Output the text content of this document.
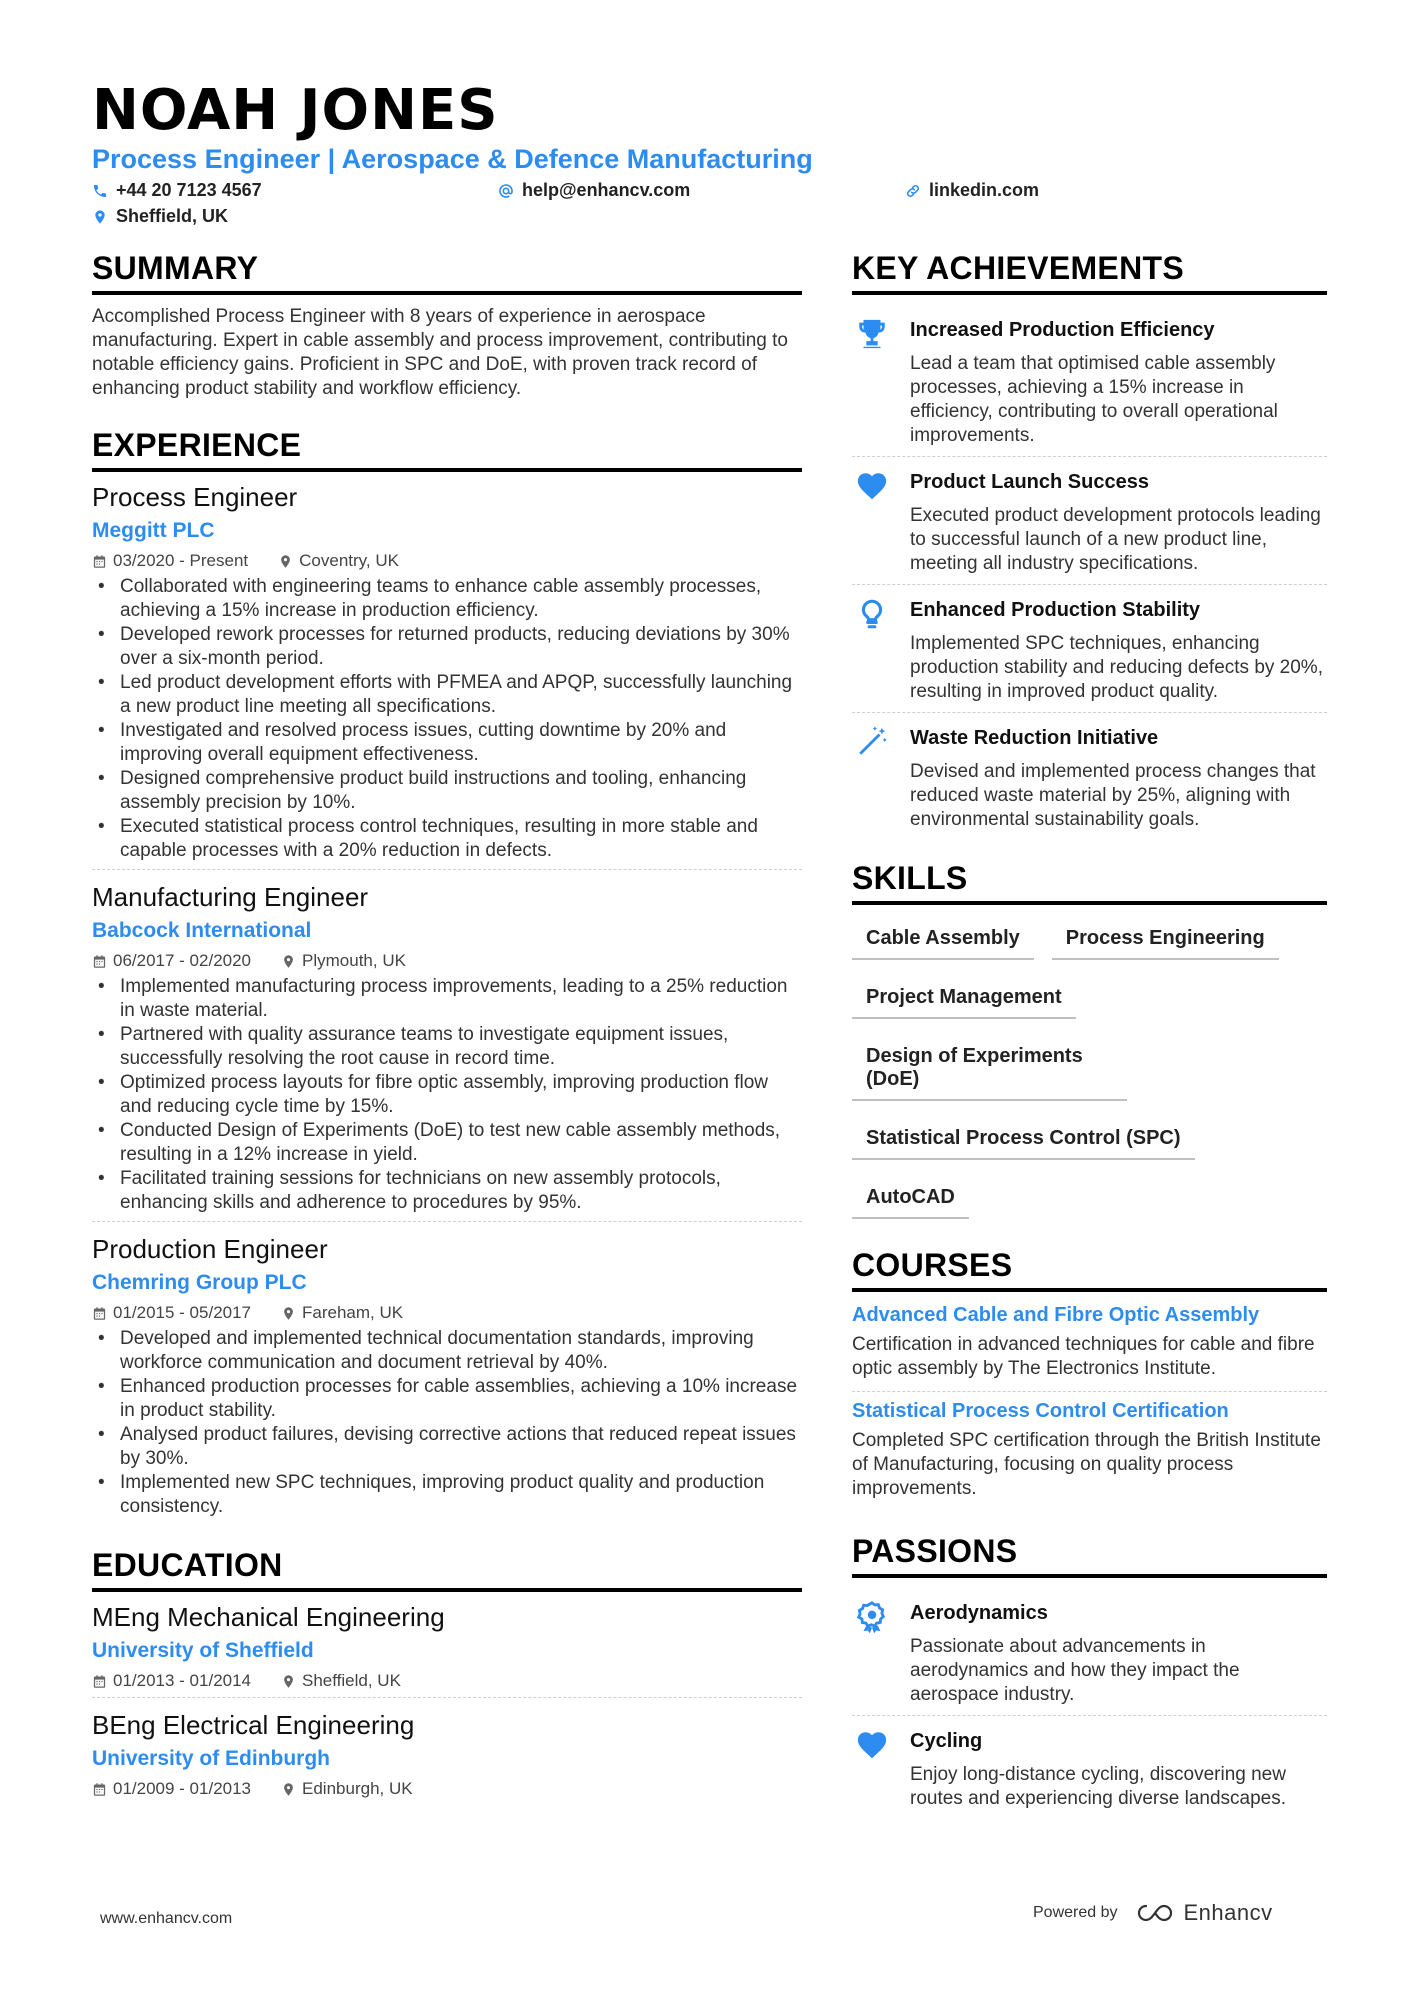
NOAH JONES
Process Engineer | Aerospace & Defence Manufacturing
+44 20 7123 4567	help@enhancv.com	linkedin.com
Sheffield, UK
SUMMARY
Accomplished Process Engineer with 8 years of experience in aerospace manufacturing. Expert in cable assembly and process improvement, contributing to notable efficiency gains. Proficient in SPC and DoE, with proven track record of enhancing product stability and workflow efficiency.
EXPERIENCE
Process Engineer
Meggitt PLC
03/2020 - Present	Coventry, UK
• Collaborated with engineering teams to enhance cable assembly processes, achieving a 15% increase in production efficiency.
• Developed rework processes for returned products, reducing deviations by 30% over a six-month period.
• Led product development efforts with PFMEA and APQP, successfully launching a new product line meeting all specifications.
• Investigated and resolved process issues, cutting downtime by 20% and improving overall equipment effectiveness.
• Designed comprehensive product build instructions and tooling, enhancing assembly precision by 10%.
• Executed statistical process control techniques, resulting in more stable and capable processes with a 20% reduction in defects.
Manufacturing Engineer
Babcock International
06/2017 - 02/2020	Plymouth, UK
• Implemented manufacturing process improvements, leading to a 25% reduction in waste material.
• Partnered with quality assurance teams to investigate equipment issues, successfully resolving the root cause in record time.
• Optimized process layouts for fibre optic assembly, improving production flow and reducing cycle time by 15%.
• Conducted Design of Experiments (DoE) to test new cable assembly methods, resulting in a 12% increase in yield.
• Facilitated training sessions for technicians on new assembly protocols, enhancing skills and adherence to procedures by 95%.
Production Engineer
Chemring Group PLC
01/2015 - 05/2017	Fareham, UK
• Developed and implemented technical documentation standards, improving workforce communication and document retrieval by 40%.
• Enhanced production processes for cable assemblies, achieving a 10% increase in product stability.
• Analysed product failures, devising corrective actions that reduced repeat issues by 30%.
• Implemented new SPC techniques, improving product quality and production consistency.
EDUCATION
MEng Mechanical Engineering
University of Sheffield
01/2013 - 01/2014	Sheffield, UK
BEng Electrical Engineering
University of Edinburgh
01/2009 - 01/2013	Edinburgh, UK
KEY ACHIEVEMENTS
Increased Production Efficiency
Lead a team that optimised cable assembly processes, achieving a 15% increase in efficiency, contributing to overall operational improvements.
Product Launch Success
Executed product development protocols leading to successful launch of a new product line, meeting all industry specifications.
Enhanced Production Stability
Implemented SPC techniques, enhancing production stability and reducing defects by 20%, resulting in improved product quality.
Waste Reduction Initiative
Devised and implemented process changes that reduced waste material by 25%, aligning with environmental sustainability goals.
SKILLS
Cable Assembly	Process Engineering
Project Management
Design of Experiments (DoE)
Statistical Process Control (SPC)
AutoCAD
COURSES
Advanced Cable and Fibre Optic Assembly
Certification in advanced techniques for cable and fibre optic assembly by The Electronics Institute.
Statistical Process Control Certification
Completed SPC certification through the British Institute of Manufacturing, focusing on quality process improvements.
PASSIONS
Aerodynamics
Passionate about advancements in aerodynamics and how they impact the aerospace industry.
Cycling
Enjoy long-distance cycling, discovering new routes and experiencing diverse landscapes.
www.enhancv.com	Powered by	Enhancv
